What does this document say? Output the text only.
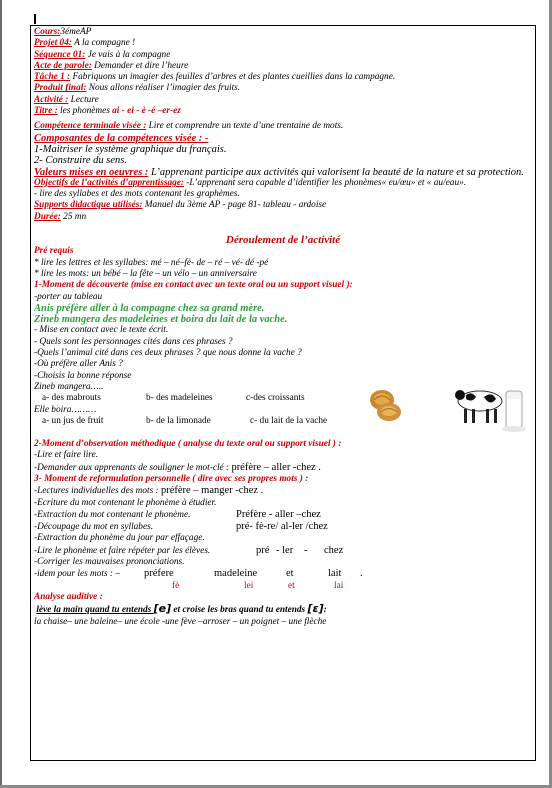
Cours:3émeAP
Projet 04: A la compagne !
Séquence 01: Je vais à la compagne
Acte de parole: Demander et dire l’heure
Tâche 1 : Fabriquons un imagier des feuilles d’arbres et des plantes cueillies dans la campagne.
Produit final: Nous allons réaliser l’imagier des fruits.
Activité : Lecture
Titre : les phonèmes ai - ei - è -é –er-ez
Compétence terminale visée : Lire et comprendre un texte d’une trentaine de mots.
Composantes de la compétences visée : -
1-Maitriser le système graphique du français.
2- Construire du sens.
Valeurs mises en oeuvres : L’apprenant participe aux activités qui valorisent la beauté de la nature et sa protection.
Objectifs de l’activités d’apprentissage: -L’apprenant sera capable d’identifier les phonèmes« eu/œu» et « au/eau».
- lire des syllabes et des mots contenant les graphèmes.
Supports didactique utilisés: Manuel du 3ème AP - page 81- tableau - ardoise
Durée: 25 mn
Déroulement de l’activité
Pré requis
* lire les lettres et les syllabes: mé – né–fè- de – ré – vé- dé -pé
* lire les mots: un bébé – la fête – un vélo – un anniversaire
1-Moment de découverte (mise en contact avec un texte oral ou un support visuel ):
-porter au tableau
Anis préfère aller à la compagne chez sa grand mère.
Zineb mangera des madeleines et boira du lait de la vache.
- Mise en contact avec le texte écrit.
- Quels sont les personnages cités dans ces phrases ?
-Quels l’animal cité dans ces deux phrases ? que nous donne la vache ?
-Où préfère aller Anis ?
-Choisis la bonne réponse
Zineb mangera…..
a- des mabrouts	b- des madeleines	c-des croissants
Elle boira………
a- un jus de fruit	b- de la limonade	c- du lait de la vache
2-Moment d’observation méthodique ( analyse du texte oral ou support visuel ) :
-Lire et faire lire.
-Demander aux apprenants de souligner le mot-clé : préfère – aller -chez .
3- Moment de reformulation personnelle ( dire avec ses propres mots ) :
-Lectures individuelles des mots : préfère – manger -chez .
-Ecriture du mot contenant le phonème à étudier.
-Extraction du mot contenant le phonème.	Préfère - aller –chez
-Découpage du mot en syllabes.	pré- fè-re/ al-ler /chez
-Extraction du phonème du jour par effaçage.
-Lire le phonème et faire répéter par les élèves.	pré - ler - chez
-Corriger les mauvaises prononciations.
-idem pour les mots : –préfere	madeleine	et	lait .
fè	lei	et	lai
Analyse auditive :
lève la main quand tu entends [e] et croise les bras quand tu entends [ɛ]:
la chaise– une baleine– une école -une fève –arroser – un poignet – une flèche
